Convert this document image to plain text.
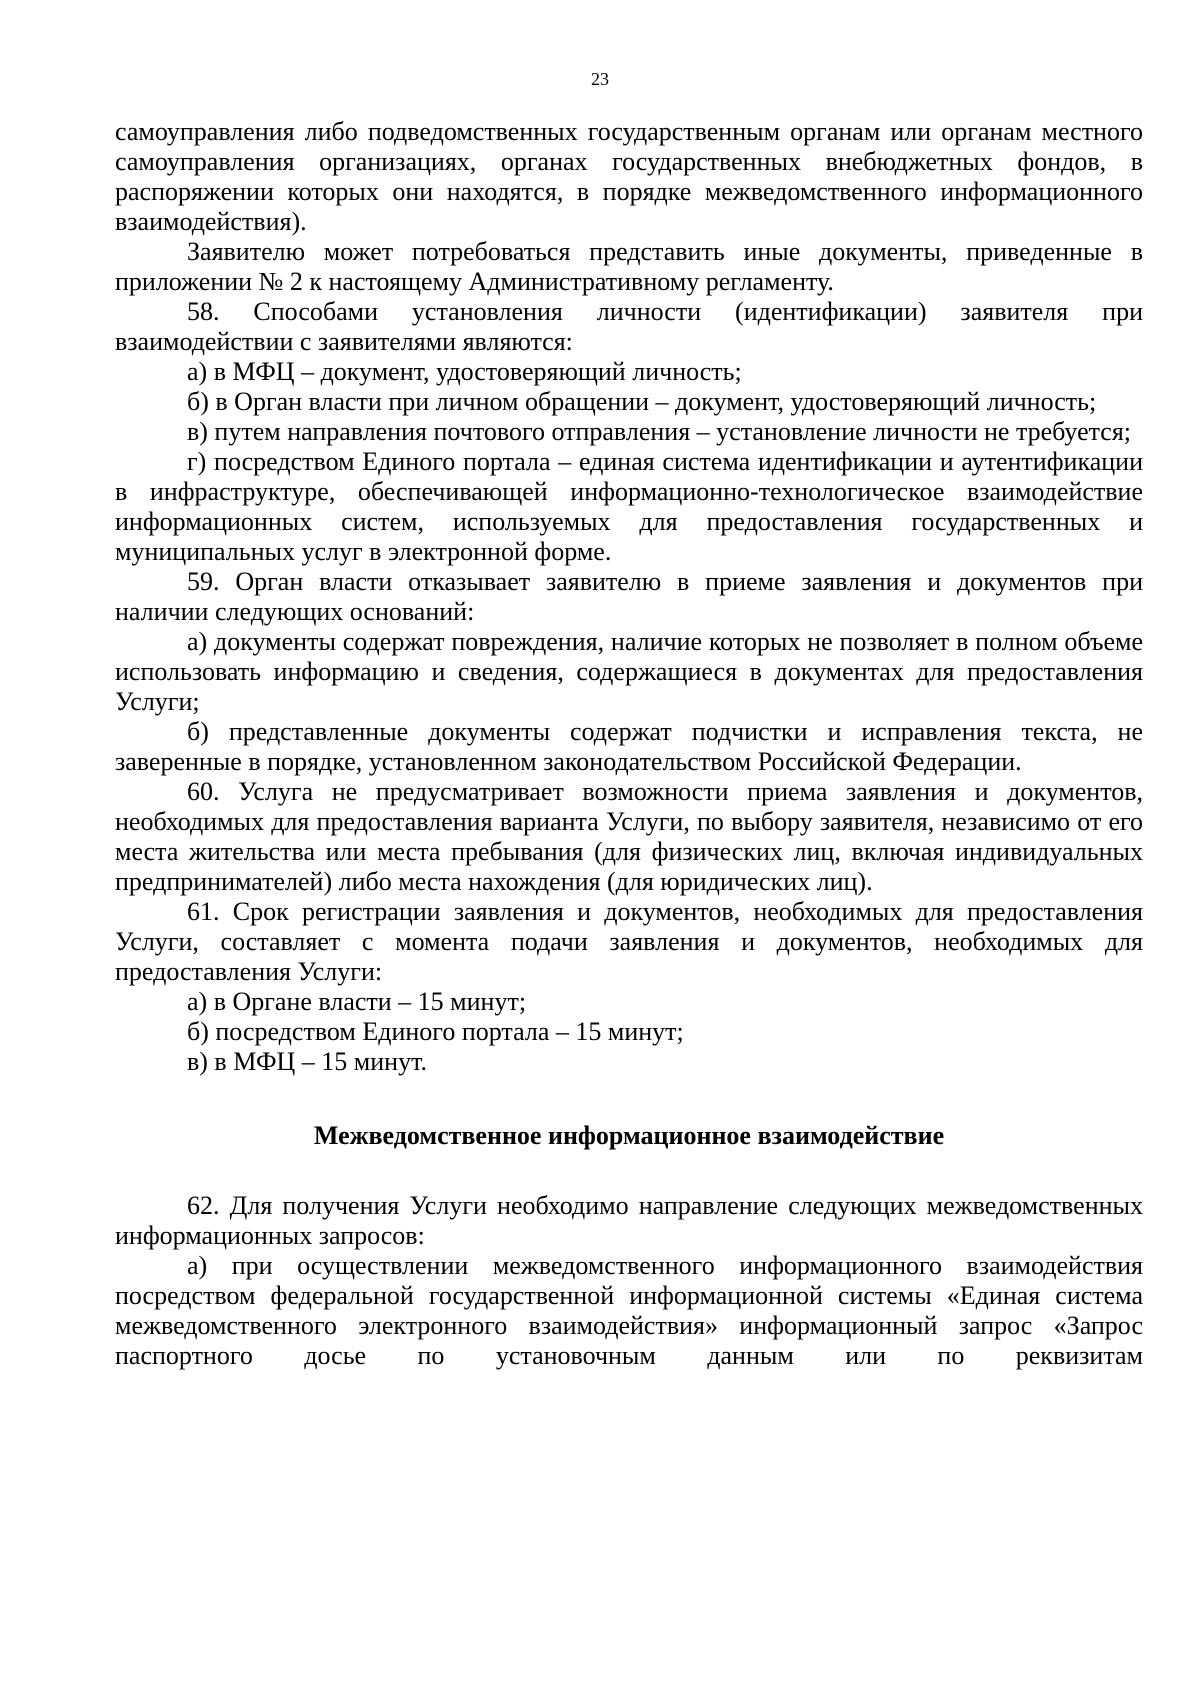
23

самоуправления либо подведомственных государственным органам или органам местного самоуправления организациях, органах государственных внебюджетных фондов, в распоряжении которых они находятся, в порядке межведомственного информационного взаимодействия).

Заявителю может потребоваться представить иные документы, приведенные в приложении № 2 к настоящему Административному регламенту.

58. Способами установления личности (идентификации) заявителя при взаимодействии с заявителями являются:

а) в МФЦ – документ, удостоверяющий личность;

б) в Орган власти при личном обращении – документ, удостоверяющий личность;

в) путем направления почтового отправления – установление личности не требуется;

г) посредством Единого портала – единая система идентификации и аутентификации в инфраструктуре, обеспечивающей информационно-технологическое взаимодействие информационных систем, используемых для предоставления государственных и муниципальных услуг в электронной форме.

59. Орган власти отказывает заявителю в приеме заявления и документов при наличии следующих оснований:

а) документы содержат повреждения, наличие которых не позволяет в полном объеме использовать информацию и сведения, содержащиеся в документах для предоставления Услуги;

б) представленные документы содержат подчистки и исправления текста, не заверенные в порядке, установленном законодательством Российской Федерации.

60. Услуга не предусматривает возможности приема заявления и документов, необходимых для предоставления варианта Услуги, по выбору заявителя, независимо от его места жительства или места пребывания (для физических лиц, включая индивидуальных предпринимателей) либо места нахождения (для юридических лиц).

61. Срок регистрации заявления и документов, необходимых для предоставления Услуги, составляет с момента подачи заявления и документов, необходимых для предоставления Услуги:

а) в Органе власти – 15 минут;

б) посредством Единого портала – 15 минут;

в) в МФЦ – 15 минут.

Межведомственное информационное взаимодействие

62. Для получения Услуги необходимо направление следующих межведомственных информационных запросов:

а) при осуществлении межведомственного информационного взаимодействия посредством федеральной государственной информационной системы «Единая система межведомственного электронного взаимодействия» информационный запрос «Запрос паспортного досье по установочным данным или по реквизитам
